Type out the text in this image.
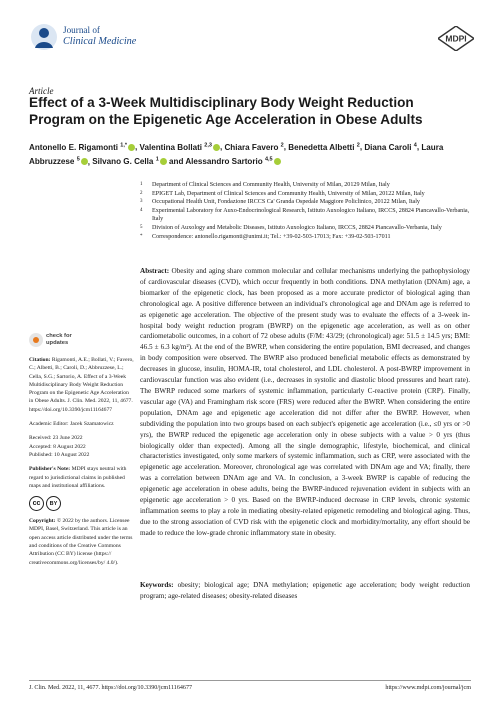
Journal of
Clinical Medicine	MDPI
Article
Effect of a 3-Week Multidisciplinary Body Weight Reduction Program on the Epigenetic Age Acceleration in Obese Adults
Antonello E. Rigamonti $^{1,*}$ , Valentina Bollati $^{2,3}$ , Chiara Favero $^2$, Benedetta Albetti $^2$, Diana Caroli $^4$, Laura Abbruzzese $^5$ , Silvano G. Cella $^1$ and Alessandro Sartorio $^{4,5}$
1 Department of Clinical Sciences and Community Health, University of Milan, 20129 Milan, Italy
2 EPIGET Lab, Department of Clinical Sciences and Community Health, University of Milan, 20122 Milan, Italy
3 Occupational Health Unit, Fondazione IRCCS Ca' Granda Ospedale Maggiore Policlinico, 20122 Milan, Italy
4 Experimental Laboratory for Auxo-Endocrinological Research, Istituto Auxologico Italiano, IRCCS, 28824 Piancavallo-Verbania, Italy
5 Division of Auxology and Metabolic Diseases, Istituto Auxologico Italiano, IRCCS, 28824 Piancavallo-Verbania, Italy
* Correspondence: antonello.rigamonti@unimi.it; Tel.: +39-02-503-17013; Fax: +39-02-503-17011
check for
updates

Citation: Rigamonti, A.E.; Bollati, V.; Favero, C.; Albetti, B.; Caroli, D.; Abbruzzese, L.; Cella, S.G.; Sartorio, A. Effect of a 3-Week Multidisciplinary Body Weight Reduction Program on the Epigenetic Age Acceleration in Obese Adults. J. Clin. Med. 2022, 11, 4677. https://doi.org/10.3390/jcm11164677

Academic Editor: Jacek Szamatowicz

Received: 23 June 2022
Accepted: 8 August 2022
Published: 10 August 2022

Publisher's Note: MDPI stays neutral with regard to jurisdictional claims in published maps and institutional affiliations.

cc	BY

Copyright: © 2022 by the authors. Licensee MDPI, Basel, Switzerland. This article is an open access article distributed under the terms and conditions of the Creative Commons Attribution (CC BY) license (https:// creativecommons.org/licenses/by/ 4.0/).

Abstract: Obesity and aging share common molecular and cellular mechanisms underlying the pathophysiology of cardiovascular diseases (CVD), which occur frequently in both conditions. DNA methylation (DNAm) age, a biomarker of the epigenetic clock, has been proposed as a more accurate predictor of biological aging than chronological age. A positive difference between an individual's chronological age and DNAm age is referred to as epigenetic age acceleration. The objective of the present study was to evaluate the effects of a 3-week in-hospital body weight reduction program (BWRP) on the epigenetic age acceleration, as well as on other cardiometabolic outcomes, in a cohort of 72 obese adults (F/M: 43/29; (chronological) age: 51.5 ± 14.5 yrs; BMI: 46.5 ± 6.3 kg/m²). At the end of the BWRP, when considering the entire population, BMI decreased, and changes in body composition were observed. The BWRP also produced beneficial metabolic effects as demonstrated by decreases in glucose, insulin, HOMA-IR, total cholesterol, and LDL cholesterol. A post-BWRP improvement in cardiovascular function was also evident (i.e., decreases in systolic and diastolic blood pressures and heart rate). The BWRP reduced some markers of systemic inflammation, particularly C-reactive protein (CRP). Finally, vascular age (VA) and Framingham risk score (FRS) were reduced after the BWRP. When considering the entire population, DNAm age and epigenetic age acceleration did not differ after the BWRP. However, when subdividing the population into two groups based on each subject's epigenetic age acceleration (i.e., ≤0 yrs or >0 yrs), the BWRP reduced the epigenetic age acceleration only in obese subjects with a value > 0 yrs (thus biologically older than expected). Among all the single demographic, lifestyle, biochemical, and clinical characteristics investigated, only some markers of systemic inflammation, such as CRP, were associated with the epigenetic age acceleration. Moreover, chronological age was correlated with DNAm age and VA; finally, there was a correlation between DNAm age and VA. In conclusion, a 3-week BWRP is capable of reducing the epigenetic age acceleration in obese adults, being the BWRP-induced rejuvenation evident in subjects with an epigenetic age acceleration > 0 yrs. Based on the BWRP-induced decrease in CRP levels, chronic systemic inflammation seems to play a role in mediating obesity-related epigenetic remodeling and biological aging. Thus, due to the strong association of CVD risk with the epigenetic clock and morbidity/mortality, any effort should be made to reduce the low-grade chronic inflammatory state in obesity.
Keywords: obesity; biological age; DNA methylation; epigenetic age acceleration; body weight reduction program; age-related diseases; obesity-related diseases
J. Clin. Med. 2022, 11, 4677. https://doi.org/10.3390/jcm11164677	https://www.mdpi.com/journal/jcm
